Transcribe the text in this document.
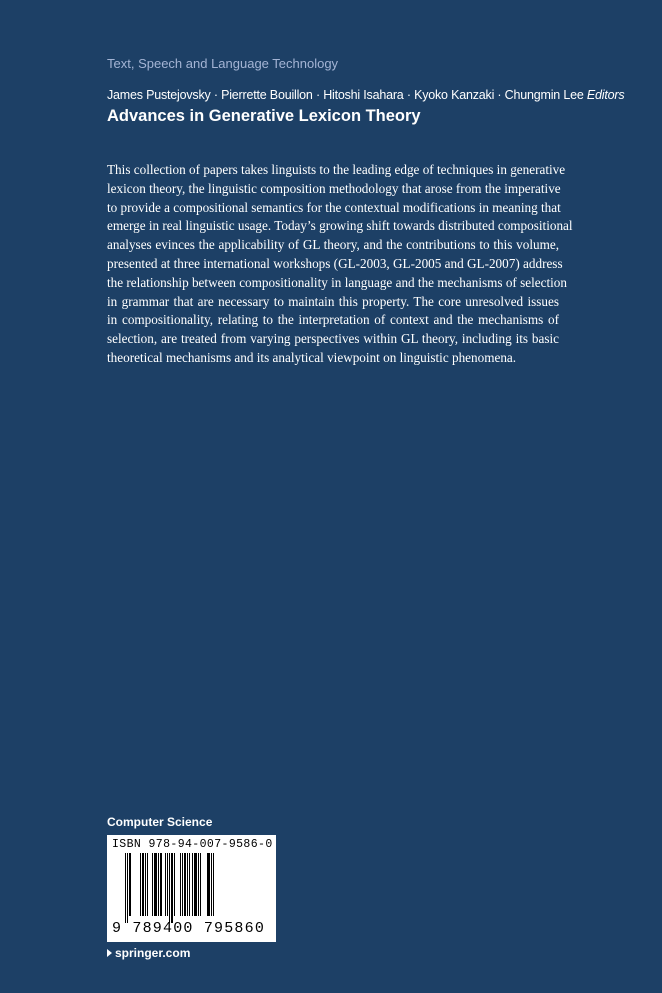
Text, Speech and Language Technology
James Pustejovsky · Pierrette Bouillon · Hitoshi Isahara · Kyoko Kanzaki · Chungmin Lee Editors
Advances in Generative Lexicon Theory
This collection of papers takes linguists to the leading edge of techniques in generative
lexicon theory, the linguistic composition methodology that arose from the imperative
to provide a compositional semantics for the contextual modifications in meaning that
emerge in real linguistic usage. Today’s growing shift towards distributed compositional
analyses evinces the applicability of GL theory, and the contributions to this volume,
presented at three international workshops (GL-2003, GL-2005 and GL-2007) address
the relationship between compositionality in language and the mechanisms of selection
in grammar that are necessary to maintain this property. The core unresolved issues
in compositionality, relating to the interpretation of context and the mechanisms of
selection, are treated from varying perspectives within GL theory, including its basic
theoretical mechanisms and its analytical viewpoint on linguistic phenomena.
Computer Science
ISBN 978-94-007-9586-0
9 789400 795860
springer.com
